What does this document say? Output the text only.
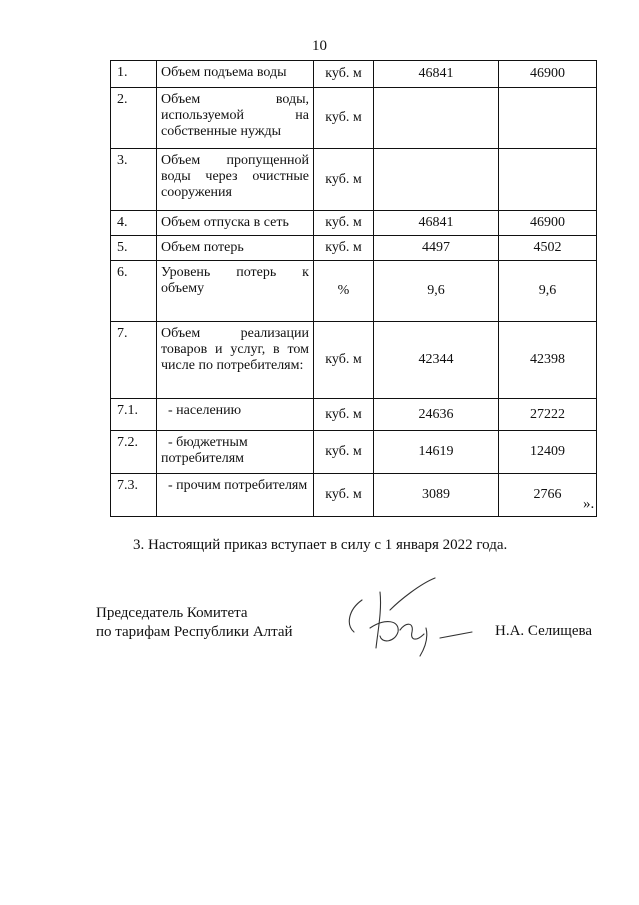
10
1.	Объем подъема воды	куб. м	46841	46900
2.	Объем воды, используемой на собственные нужды	куб. м		
3.	Объем пропущенной воды через очистные сооружения	куб. м		
4.	Объем отпуска в сеть	куб. м	46841	46900
5.	Объем потерь	куб. м	4497	4502
6.	Уровень потерь к объему	%	9,6	9,6
7.	Объем реализации товаров и услуг, в том числе по потребителям:	куб. м	42344	42398
7.1.	- населению	куб. м	24636	27222
7.2.	- бюджетным потребителям	куб. м	14619	12409
7.3.	- прочим потребителям	куб. м	3089	2766
».
3. Настоящий приказ вступает в силу с 1 января 2022 года.
Председатель Комитета
по тарифам Республики Алтай	Н.А. Селищева
